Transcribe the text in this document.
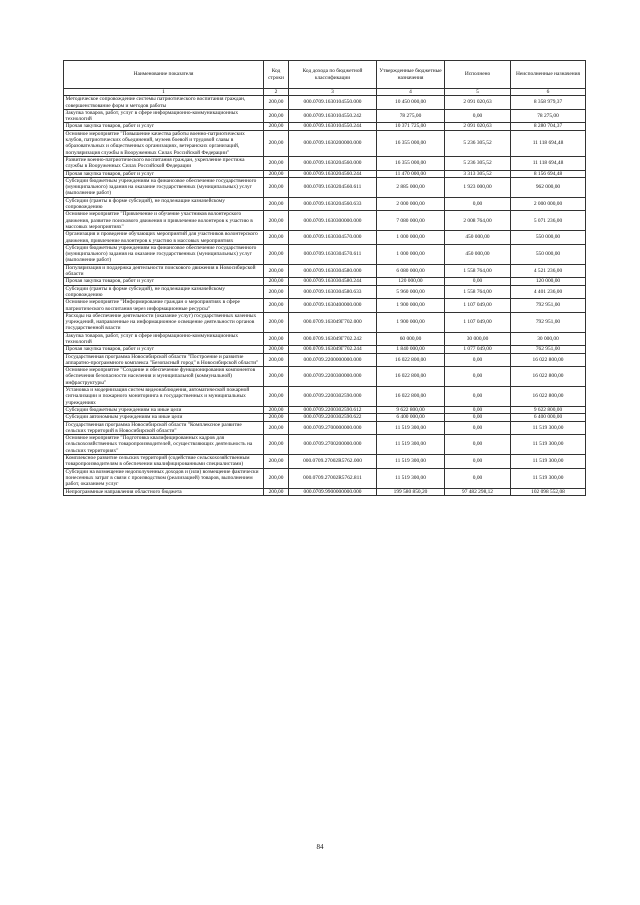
Наименование показателя	Код строки	Код дохода по бюджетной классификации	Утвержденные бюджетные назначения	Исполнено	Неисполненные назначения
1	2	3	4	5	6
Методическое сопровождение системы патриотического воспитания граждан, совершенствование форм и методов работы	200,00	000.0709.1630104550.000	10 450 000,00	2 091 020,63	8 358 979,37
Закупка товаров, работ, услуг в сфере информационно-коммуникационных технологий	200,00	000.0709.1630104550.242	78 275,00	0,00	78 275,00
Прочая закупка товаров, работ и услуг	200,00	000.0709.1630104550.244	10 371 725,00	2 091 020,63	8 280 704,37
Основное мероприятие "Повышение качества работы военно-патриотических клубов, патриотических объединений, музеев боевой и трудовой славы в образовательных и общественных организациях, ветеранских организаций, популяризация службы в Вооруженных Силах Российской Федерации"	200,00	000.0709.1630200000.000	16 355 000,00	5 236 305,52	11 118 694,48
Развитие военно-патриотического воспитания граждан, укрепление престижа службы в Вооруженных Силах Российской Федерации	200,00	000.0709.1630204560.000	16 355 000,00	5 236 305,52	11 118 694,48
Прочая закупка товаров, работ и услуг	200,00	000.0709.1630204560.244	11 470 000,00	3 313 305,52	8 156 694,48
Субсидии бюджетным учреждениям на финансовое обеспечение государственного (муниципального) задания на оказание государственных (муниципальных) услуг (выполнение работ)	200,00	000.0709.1630204560.611	2 885 000,00	1 923 000,00	962 000,00
Субсидии (гранты в форме субсидий), не подлежащие казначейскому сопровождению	200,00	000.0709.1630204560.633	2 000 000,00	0,00	2 000 000,00
Основное мероприятие "Привлечение и обучение участников волонтерского движения, развитие поискового движения и привлечение волонтеров к участию в массовых мероприятиях"	200,00	000.0709.1630300000.000	7 080 000,00	2 008 764,00	5 071 236,00
Организация и проведение обучающих мероприятий для участников волонтерского движения, привлечение волонтеров к участию в массовых мероприятиях	200,00	000.0709.1630304570.000	1 000 000,00	450 000,00	550 000,00
Субсидии бюджетным учреждениям на финансовое обеспечение государственного (муниципального) задания на оказание государственных (муниципальных) услуг (выполнение работ)	200,00	000.0709.1630304570.611	1 000 000,00	450 000,00	550 000,00
Популяризация и поддержка деятельности поискового движения в Новосибирской области	200,00	000.0709.1630304580.000	6 080 000,00	1 558 764,00	4 521 236,00
Прочая закупка товаров, работ и услуг	200,00	000.0709.1630304580.244	120 000,00	0,00	120 000,00
Субсидии (гранты в форме субсидий), не подлежащие казначейскому сопровождению	200,00	000.0709.1630304580.633	5 960 000,00	1 558 764,00	4 401 236,00
Основное мероприятие "Информирование граждан о мероприятиях в сфере патриотического воспитания через информационные ресурсы"	200,00	000.0709.1630400000.000	1 900 000,00	1 107 049,00	792 951,00
Расходы на обеспечение деятельности (оказание услуг) государственных казенных учреждений, направленные на информационное освещение деятельности органов государственной власти	200,00	000.0709.163049Г702.000	1 900 000,00	1 107 049,00	792 951,00
Закупка товаров, работ, услуг в сфере информационно-коммуникационных технологий	200,00	000.0709.163049Г702.242	60 000,00	30 000,00	30 000,00
Прочая закупка товаров, работ и услуг	200,00	000.0709.163049Г702.244	1 840 000,00	1 077 049,00	762 951,00
Государственная программа Новосибирской области "Построение и развитие аппаратно-программного комплекса "Безопасный город" в Новосибирской области"	200,00	000.0709.2200000000.000	16 022 800,00	0,00	16 022 800,00
Основное мероприятие "Создание и обеспечение функционирования компонентов обеспечения безопасности населения и муниципальной (коммунальной) инфраструктуры"	200,00	000.0709.2200300000.000	16 022 800,00	0,00	16 022 800,00
Установка и модернизация систем видеонаблюдения, автоматической пожарной сигнализации и пожарного мониторинга в государственных и муниципальных учреждениях	200,00	000.0709.2200302590.000	16 022 800,00	0,00	16 022 800,00
Субсидии бюджетным учреждениям на иные цели	200,00	000.0709.2200302590.612	9 622 800,00	0,00	9 622 800,00
Субсидии автономным учреждениям на иные цели	200,00	000.0709.2200302590.622	6 400 000,00	0,00	6 400 000,00
Государственная программа Новосибирской области "Комплексное развитие сельских территорий в Новосибирской области"	200,00	000.0709.2700000000.000	11 519 300,00	0,00	11 519 300,00
Основное мероприятие "Подготовка квалифицированных кадров для сельскохозяйственных товаропроизводителей, осуществляющих деятельность на сельских территориях"	200,00	000.0709.2700200000.000	11 519 300,00	0,00	11 519 300,00
Комплексное развитие сельских территорий (содействие сельскохозяйственным товаропроизводителям в обеспечении квалифицированными специалистами)	200,00	000.0709.27002R5762.000	11 519 300,00	0,00	11 519 300,00
Субсидии на возмещение недополученных доходов и (или) возмещение фактически понесенных затрат в связи с производством (реализацией) товаров, выполнением работ, оказанием услуг	200,00	000.0709.27002R5762.811	11 519 300,00	0,00	11 519 300,00
Непрограммные направления областного бюджета	200,00	000.0709.9900000000.000	199 580 850,20	97 482 298,12	102 098 552,08
84
